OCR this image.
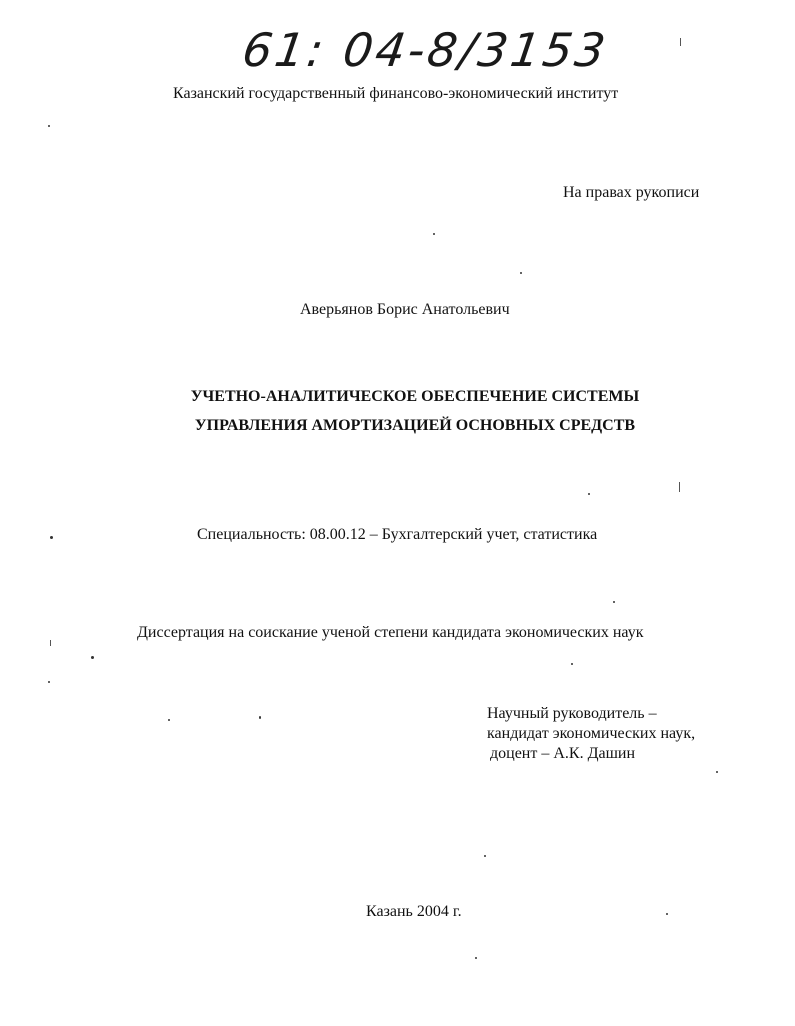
61: 04-8/3153
Казанский государственный финансово-экономический институт
На правах рукописи
Аверьянов Борис Анатольевич
УЧЕТНО-АНАЛИТИЧЕСКОЕ ОБЕСПЕЧЕНИЕ СИСТЕМЫ
УПРАВЛЕНИЯ АМОРТИЗАЦИЕЙ ОСНОВНЫХ СРЕДСТВ
Специальность: 08.00.12 – Бухгалтерский учет, статистика
Диссертация на соискание ученой степени кандидата экономических наук
Научный руководитель –
кандидат экономических наук,
доцент – А.К. Дашин
Казань 2004 г.
